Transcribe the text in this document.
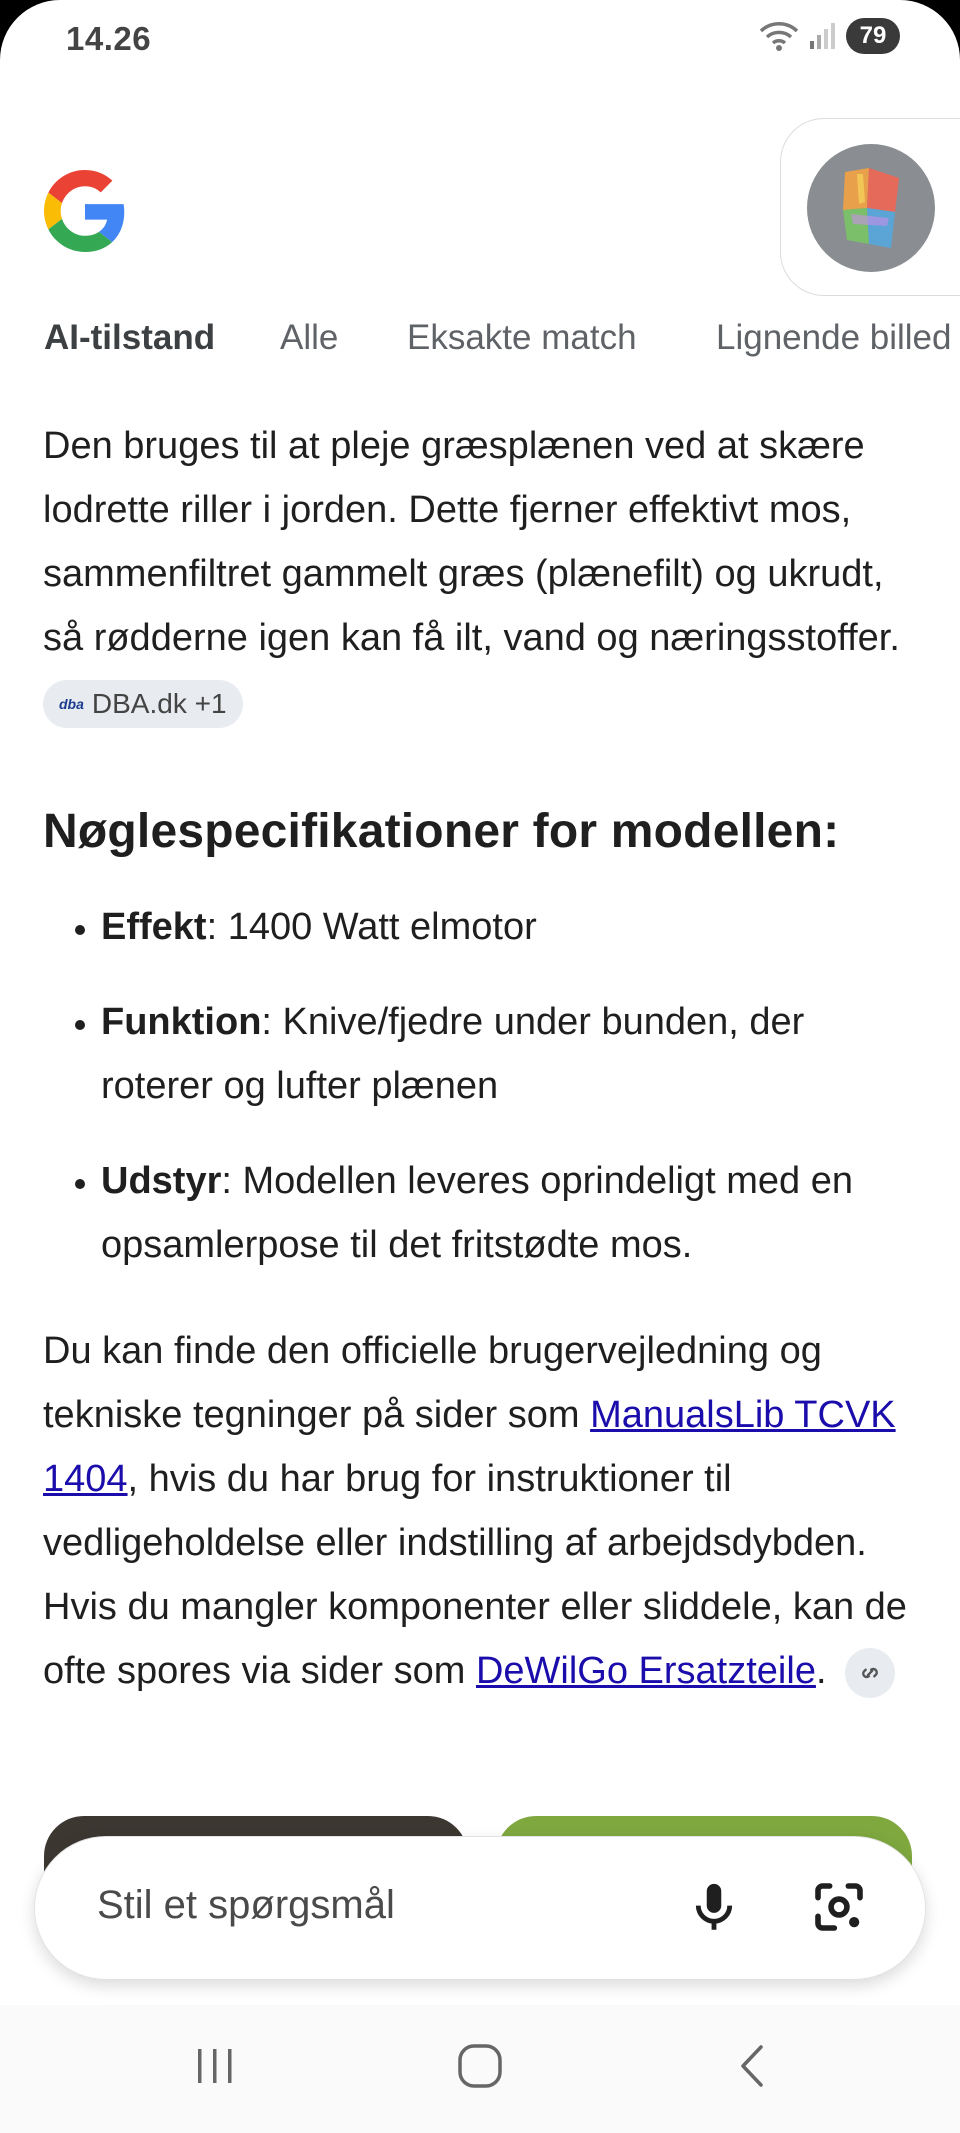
14.26	79
AI-tilstand Alle Eksakte match Lignende billed

Den bruges til at pleje græsplænen ved at skære lodrette riller i jorden. Dette fjerner effektivt mos, sammenfiltret gammelt græs (plænefilt) og ukrudt, så rødderne igen kan få ilt, vand og næringsstoffer.
dba DBA.dk +1

Nøglespecifikationer for modellen:
• Effekt: 1400 Watt elmotor
• Funktion: Knive/fjedre under bunden, der roterer og lufter plænen
• Udstyr: Modellen leveres oprindeligt med en opsamlerpose til det fritstødte mos.

Du kan finde den officielle brugervejledning og tekniske tegninger på sider som ManualsLib TCVK 1404, hvis du har brug for instruktioner til vedligeholdelse eller indstilling af arbejdsdybden. Hvis du mangler komponenter eller sliddele, kan de ofte spores via sider som DeWilGo Ersatzteile.

Stil et spørgsmål
